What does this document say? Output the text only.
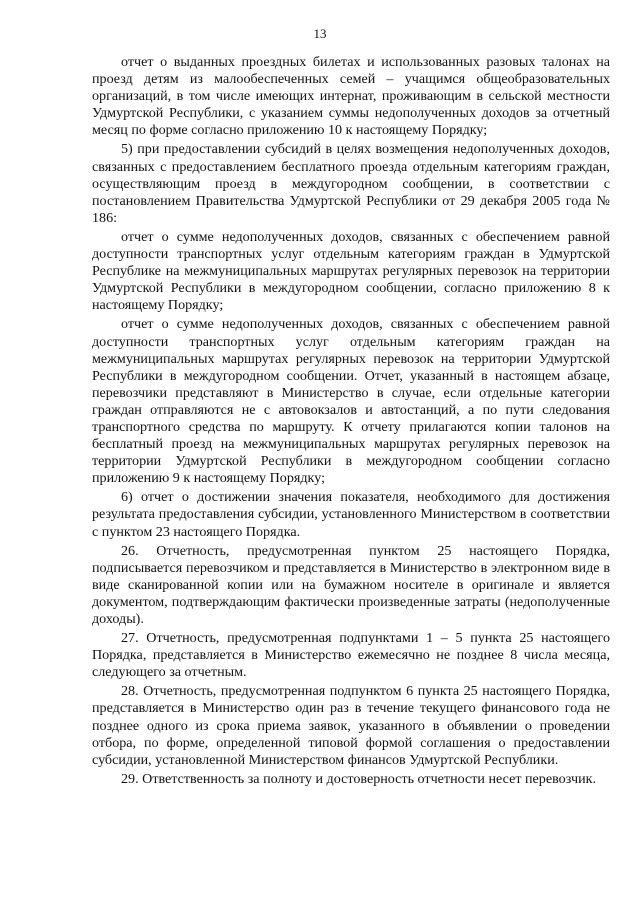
13

отчет о выданных проездных билетах и использованных разовых талонах на проезд детям из малообеспеченных семей – учащимся общеобразовательных организаций, в том числе имеющих интернат, проживающим в сельской местности Удмуртской Республики, с указанием суммы недополученных доходов за отчетный месяц по форме согласно приложению 10 к настоящему Порядку;

5) при предоставлении субсидий в целях возмещения недополученных доходов, связанных с предоставлением бесплатного проезда отдельным категориям граждан, осуществляющим проезд в междугородном сообщении, в соответствии с постановлением Правительства Удмуртской Республики от 29 декабря 2005 года № 186:

отчет о сумме недополученных доходов, связанных с обеспечением равной доступности транспортных услуг отдельным категориям граждан в Удмуртской Республике на межмуниципальных маршрутах регулярных перевозок на территории Удмуртской Республики в междугородном сообщении, согласно приложению 8 к настоящему Порядку;

отчет о сумме недополученных доходов, связанных с обеспечением равной доступности транспортных услуг отдельным категориям граждан на межмуниципальных маршрутах регулярных перевозок на территории Удмуртской Республики в междугородном сообщении. Отчет, указанный в настоящем абзаце, перевозчики представляют в Министерство в случае, если отдельные категории граждан отправляются не с автовокзалов и автостанций, а по пути следования транспортного средства по маршруту. К отчету прилагаются копии талонов на бесплатный проезд на межмуниципальных маршрутах регулярных перевозок на территории Удмуртской Республики в междугородном сообщении согласно приложению 9 к настоящему Порядку;

6) отчет о достижении значения показателя, необходимого для достижения результата предоставления субсидии, установленного Министерством в соответствии с пунктом 23 настоящего Порядка.

26. Отчетность, предусмотренная пунктом 25 настоящего Порядка, подписывается перевозчиком и представляется в Министерство в электронном виде в виде сканированной копии или на бумажном носителе в оригинале и является документом, подтверждающим фактически произведенные затраты (недополученные доходы).

27. Отчетность, предусмотренная подпунктами 1 – 5 пункта 25 настоящего Порядка, представляется в Министерство ежемесячно не позднее 8 числа месяца, следующего за отчетным.

28. Отчетность, предусмотренная подпунктом 6 пункта 25 настоящего Порядка, представляется в Министерство один раз в течение текущего финансового года не позднее одного из срока приема заявок, указанного в объявлении о проведении отбора, по форме, определенной типовой формой соглашения о предоставлении субсидии, установленной Министерством финансов Удмуртской Республики.

29. Ответственность за полноту и достоверность отчетности несет перевозчик.
